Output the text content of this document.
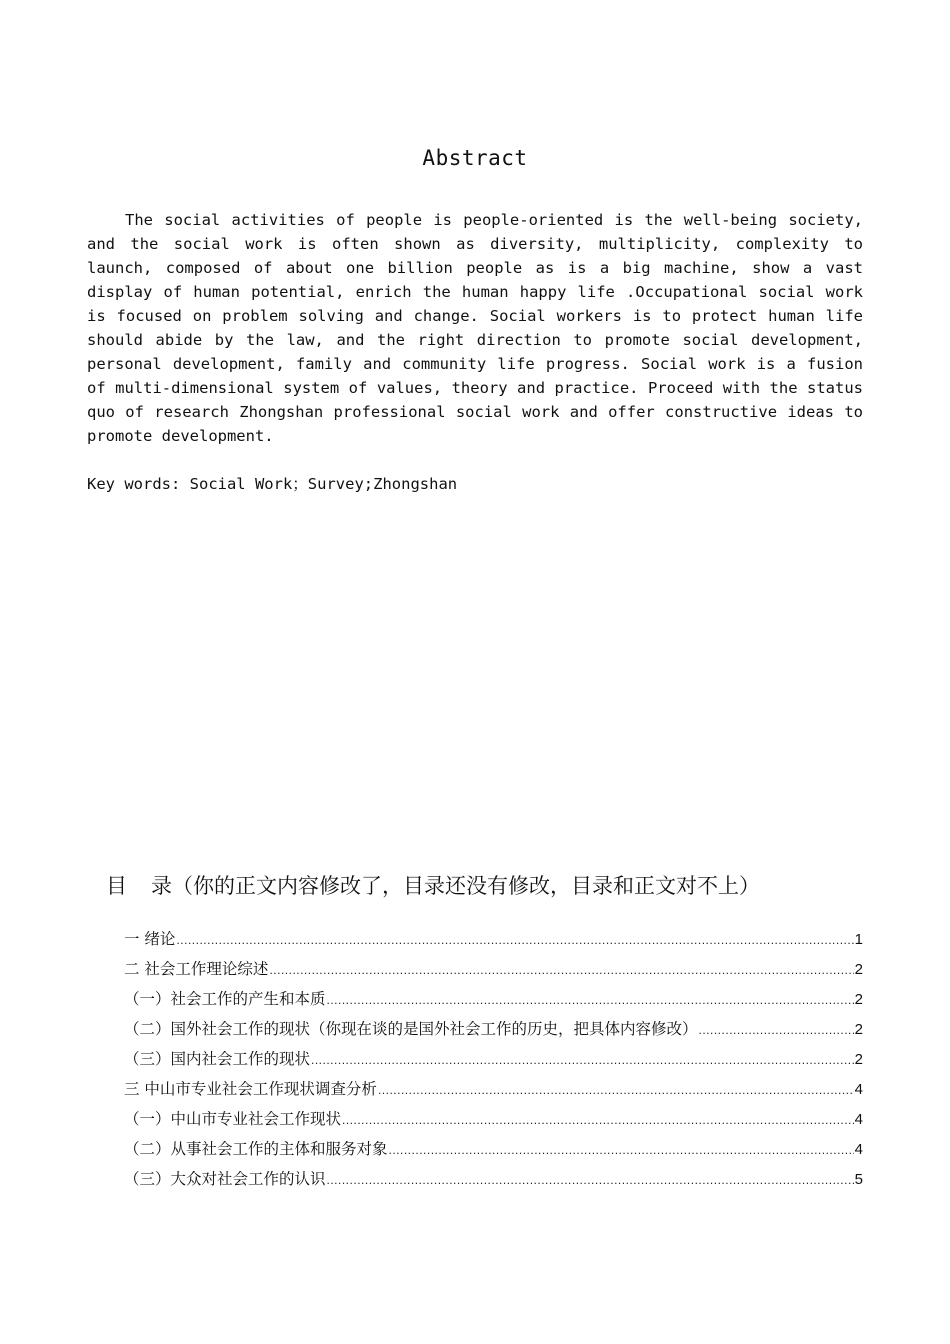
Abstract

The social activities of people is people-oriented is the well-being society, and the social work is often shown as diversity, multiplicity, complexity to launch, composed of about one billion people as is a big machine, show a vast display of human potential, enrich the human happy life .Occupational social work is focused on problem solving and change. Social workers is to protect human life should abide by the law, and the right direction to promote social development, personal development, family and community life progress. Social work is a fusion of multi-dimensional system of values, theory and practice. Proceed with the status quo of research Zhongshan professional social work and offer constructive ideas to promote development.

Key words: Social Work；Survey;Zhongshan
目 录（你的正文内容修改了，目录还没有修改，目录和正文对不上）
一 绪论 .....	1
二 社会工作理论综述 .....	2
（一）社会工作的产生和本质 .....	2
（二）国外社会工作的现状（你现在谈的是国外社会工作的历史，把具体内容修改） .....	2
（三）国内社会工作的现状 .....	2
三 中山市专业社会工作现状调查分析 .....	4
（一）中山市专业社会工作现状 .....	4
（二）从事社会工作的主体和服务对象 .....	4
（三）大众对社会工作的认识 .....	5
